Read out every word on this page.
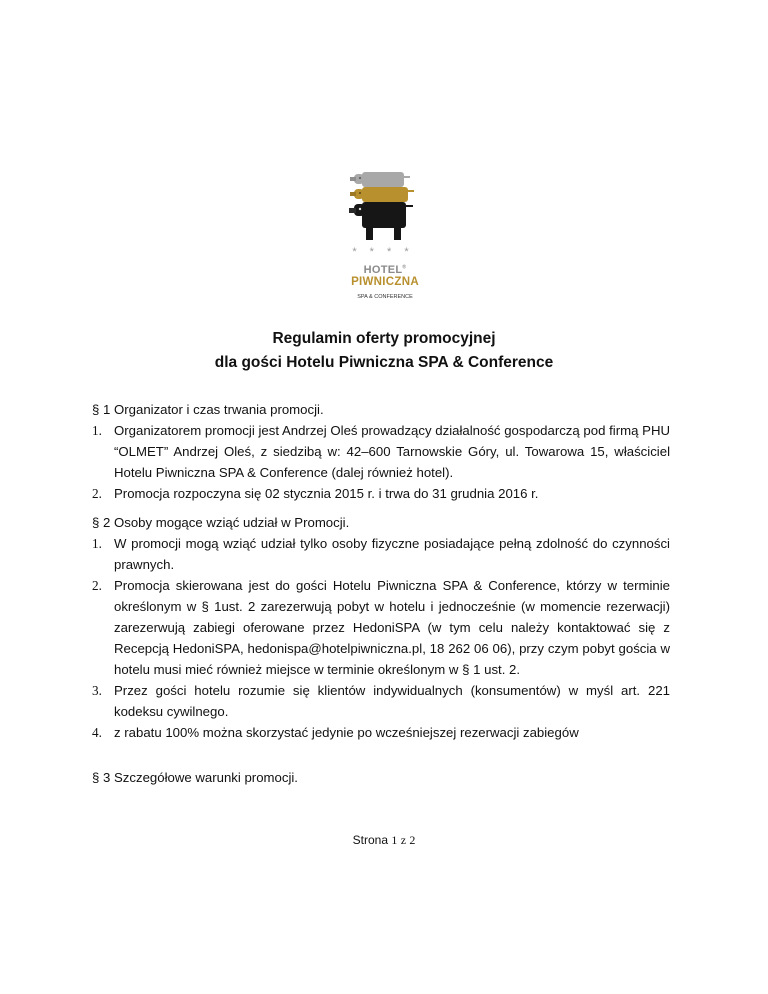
* * * *
HOTEL®
PIWNICZNA
SPA & CONFERENCE
Regulamin oferty promocyjnej
dla gości Hotelu Piwniczna SPA & Conference

§ 1 Organizator i czas trwania promocji.

1. Organizatorem promocji jest Andrzej Oleś prowadzący działalność gospodarczą pod firmą PHU “OLMET” Andrzej Oleś, z siedzibą w: 42–600 Tarnowskie Góry, ul. Towarowa 15, właściciel Hotelu Piwniczna SPA & Conference (dalej również hotel).
2. Promocja rozpoczyna się 02 stycznia 2015 r. i trwa do 31 grudnia 2016 r.

§ 2 Osoby mogące wziąć udział w Promocji.

1. W promocji mogą wziąć udział tylko osoby fizyczne posiadające pełną zdolność do czynności prawnych.
2. Promocja skierowana jest do gości Hotelu Piwniczna SPA & Conference, którzy w terminie określonym w § 1ust. 2 zarezerwują pobyt w hotelu i jednocześnie (w momencie rezerwacji) zarezerwują zabiegi oferowane przez HedoniSPA (w tym celu należy kontaktować się z Recepcją HedoniSPA, hedonispa@hotelpiwniczna.pl, 18 262 06 06), przy czym pobyt gościa w hotelu musi mieć również miejsce w terminie określonym w § 1 ust. 2.
3. Przez gości hotelu rozumie się klientów indywidualnych (konsumentów) w myśl art. 221 kodeksu cywilnego.
4. z rabatu 100% można skorzystać jedynie po wcześniejszej rezerwacji zabiegów

§ 3 Szczegółowe warunki promocji.

Strona 1 z 2
